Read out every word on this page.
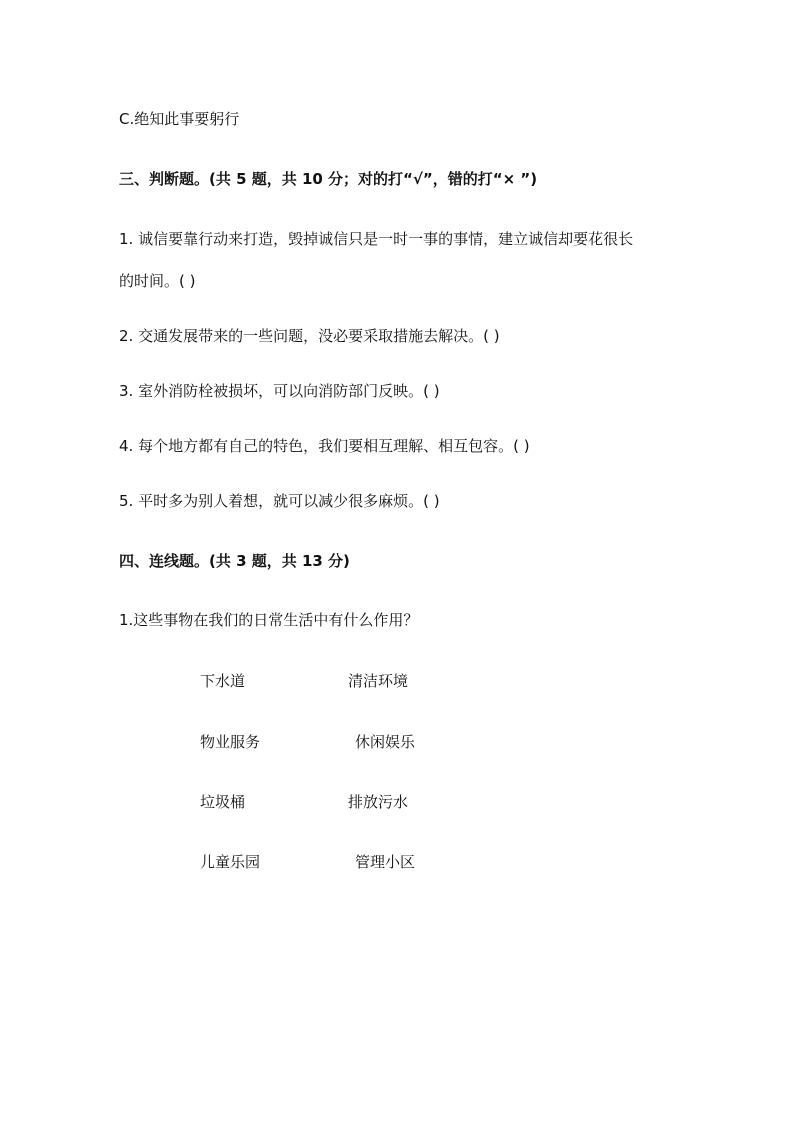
C.绝知此事要躬行
三、判断题。(共 5 题，共 10 分；对的打“√”，错的打“× ”)
1. 诚信要靠行动来打造，毁掉诚信只是一时一事的事情，建立诚信却要花很长
的时间。( )
2. 交通发展带来的一些问题，没必要采取措施去解决。( )
3. 室外消防栓被损坏，可以向消防部门反映。( )
4. 每个地方都有自己的特色，我们要相互理解、相互包容。( )
5. 平时多为别人着想，就可以减少很多麻烦。( )
四、连线题。(共 3 题，共 13 分)
1.这些事物在我们的日常生活中有什么作用？
下水道	清洁环境
物业服务	休闲娱乐
垃圾桶	排放污水
儿童乐园	管理小区
